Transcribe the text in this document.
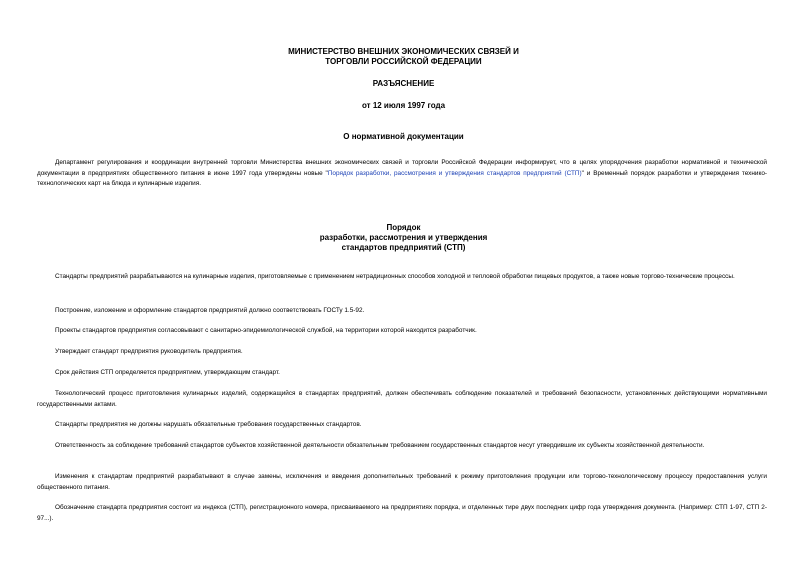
МИНИСТЕРСТВО ВНЕШНИХ ЭКОНОМИЧЕСКИХ СВЯЗЕЙ И
ТОРГОВЛИ РОССИЙСКОЙ ФЕДЕРАЦИИ
РАЗЪЯСНЕНИЕ
от 12 июля 1997 года
О нормативной документации
Департамент регулирования и координации внутренней торговли Министерства внешних экономических связей и торговли Российской Федерации информирует, что в целях упорядочения разработки нормативной и технической документации в предприятиях общественного питания в июне 1997 года утверждены новые "Порядок разработки, рассмотрения и утверждения стандартов предприятий (СТП)" и Временный порядок разработки и утверждения технико-технологических карт на блюда и кулинарные изделия.
Порядок
разработки, рассмотрения и утверждения
стандартов предприятий (СТП)
Стандарты предприятий разрабатываются на кулинарные изделия, приготовляемые с применением нетрадиционных способов холодной и тепловой обработки пищевых продуктов, а также новые торгово-технические процессы.
Построение, изложение и оформление стандартов предприятий должно соответствовать ГОСТу 1.5-92.
Проекты стандартов предприятия согласовывают с санитарно-эпидемиологической службой, на территории которой находится разработчик.
Утверждает стандарт предприятия руководитель предприятия.
Срок действия СТП определяется предприятием, утверждающим стандарт.
Технологический процесс приготовления кулинарных изделий, содержащийся в стандартах предприятий, должен обеспечивать соблюдение показателей и требований безопасности, установленных действующими нормативными государственными актами.
Стандарты предприятия не должны нарушать обязательные требования государственных стандартов.
Ответственность за соблюдение требований стандартов субъектов хозяйственной деятельности обязательным требованием государственных стандартов несут утвердившие их субъекты хозяйственной деятельности.
Изменения к стандартам предприятий разрабатывают в случае замены, исключения и введения дополнительных требований к режиму приготовления продукции или торгово-технологическому процессу предоставления услуги общественного питания.
Обозначение стандарта предприятия состоит из индекса (СТП), регистрационного номера, присваиваемого на предприятиях порядка, и отделенных тире двух последних цифр года утверждения документа. (Например: СТП 1-97, СТП 2-97...).
